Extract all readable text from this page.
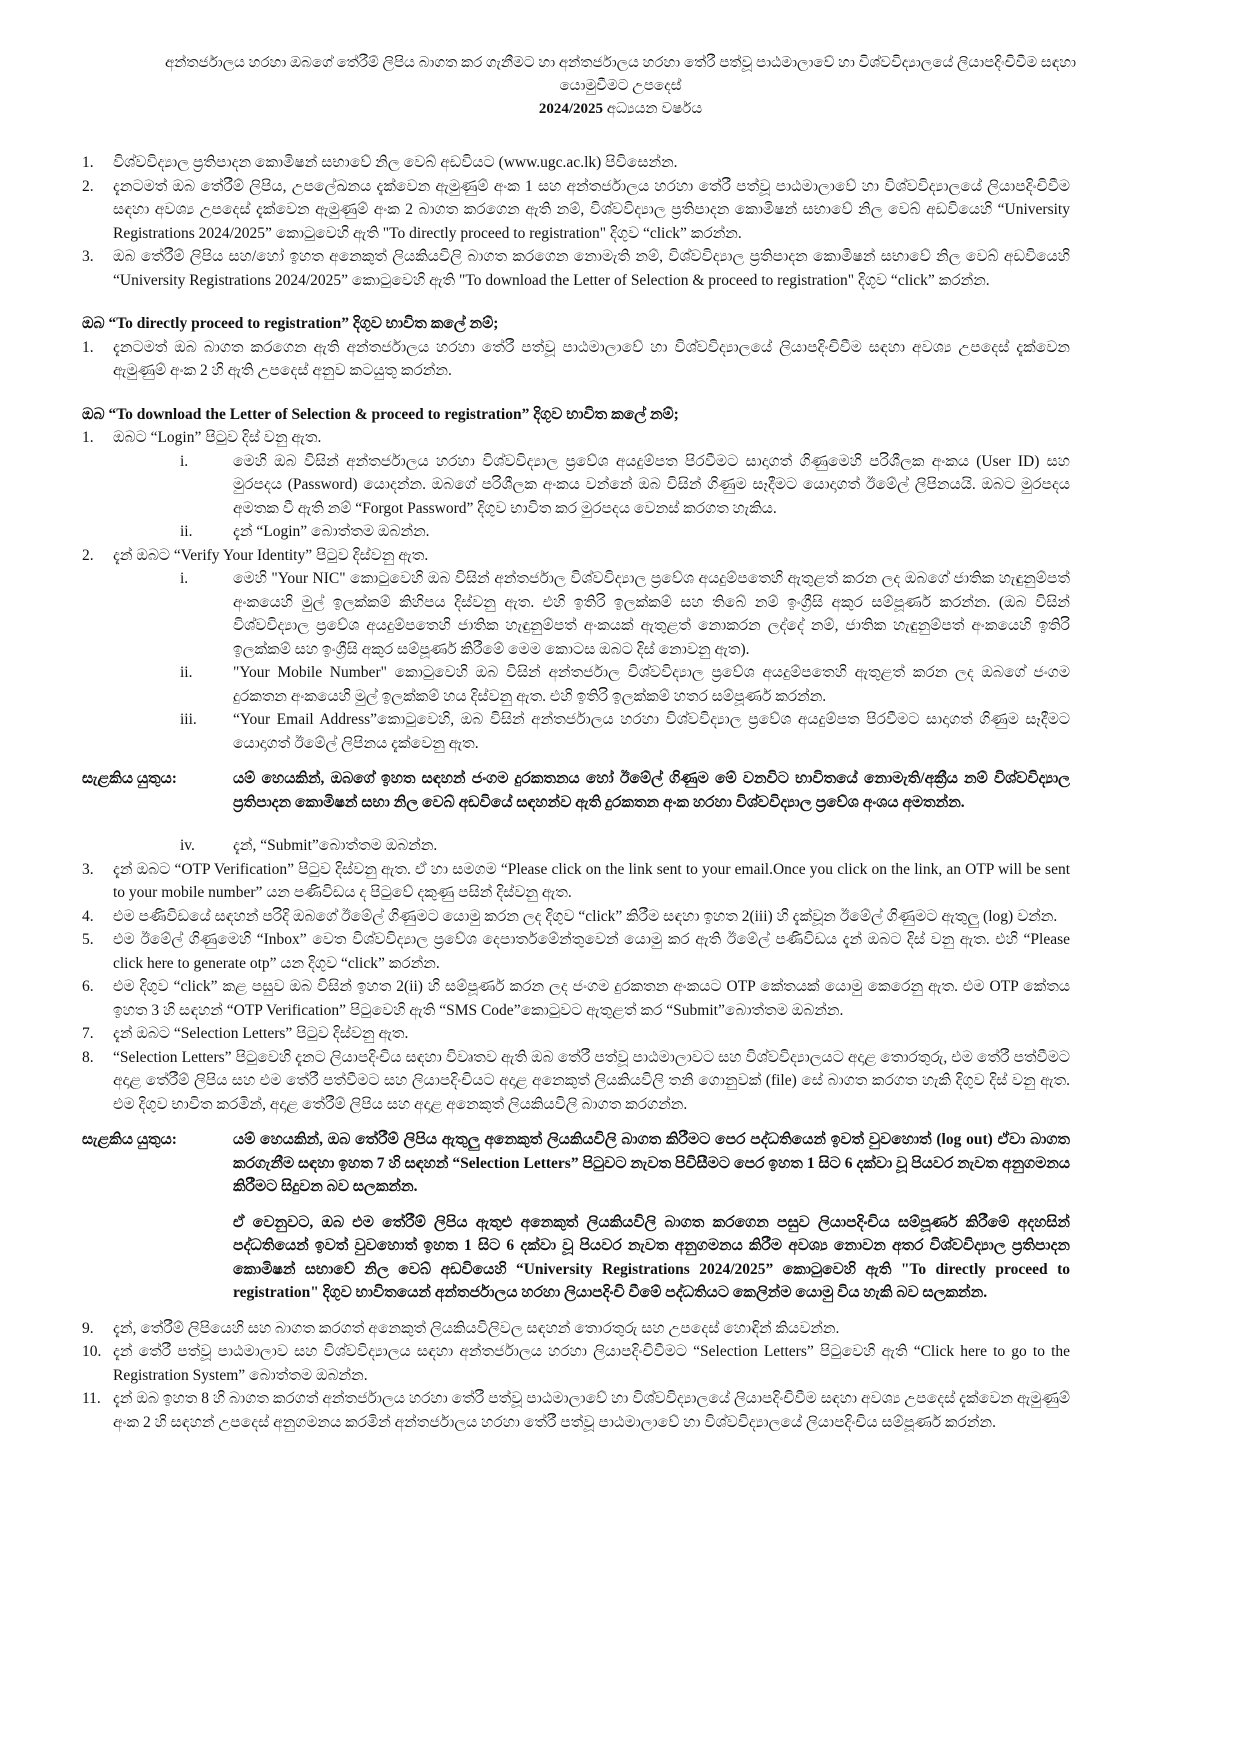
අන්තර්ජාලය හරහා ඔබගේ තේරීම් ලිපිය බාගත කර ගැනීමට හා අන්තර්ජාලය හරහා තේරී පත්වූ පාඨමාලාවේ හා විශ්වවිද්‍යාලයේ ලියාපදිංචිවීම සඳහා
යොමුවීමට උපදෙස්
2024/2025 අධ්‍යයන වර්ෂය
1. විශ්වවිද්‍යාල ප්‍රතිපාදන කොමිෂන් සභාවේ නිල වෙබ් අඩවියට (www.ugc.ac.lk) පිවිසෙන්න.
2. දැනටමත් ඔබ තේරීම් ලිපිය, උපලේඛනය දැක්වෙන ඇමුණුම් අංක 1 සහ අන්තර්ජාලය හරහා තේරී පත්වූ පාඨමාලාවේ හා විශ්වවිද්‍යාලයේ ලියාපදිංචිවීම සඳහා අවශ්‍ය උපදෙස් දැක්වෙන ඇමුණුම් අංක 2 බාගත කරගෙන ඇති නම්, විශ්වවිද්‍යාල ප්‍රතිපාදන කොමිෂන් සභාවේ නිල වෙබ් අඩවියෙහි “University Registrations 2024/2025” කොටුවෙහි ඇති "To directly proceed to registration" දිගුව “click” කරන්න.
3. ඔබ තේරීම් ලිපිය සහ/හෝ ඉහත අනෙකුත් ලියකියවිලි බාගත කරගෙන නොමැති නම්, විශ්වවිද්‍යාල ප්‍රතිපාදන කොමිෂන් සභාවේ නිල වෙබ් අඩවියෙහි “University Registrations 2024/2025” කොටුවෙහි ඇති "To download the Letter of Selection & proceed to registration" දිගුව “click” කරන්න.
ඔබ “To directly proceed to registration” දිගුව භාවිත කලේ නම්;
1. දැනටමත් ඔබ බාගත කරගෙන ඇති අන්තර්ජාලය හරහා තේරී පත්වූ පාඨමාලාවේ හා විශ්වවිද්‍යාලයේ ලියාපදිංචිවීම සඳහා අවශ්‍ය උපදෙස් දැක්වෙන ඇමුණුම් අංක 2 හි ඇති උපදෙස් අනුව කටයුතු කරන්න.
ඔබ “To download the Letter of Selection & proceed to registration” දිගුව භාවිත කලේ නම්;
1. ඔබට “Login” පිටුව දිස් වනු ඇත.
i.	මෙහි ඔබ විසින් අන්තර්ජාලය හරහා විශ්වවිද්‍යාල ප්‍රවේශ අයදුම්පත පිරවීමට සාදාගත් ගිණුමෙහි පරිශීලක අංකය (User ID) සහ මුරපදය (Password) යොදන්න. ඔබගේ පරිශීලක අංකය වන්නේ ඔබ විසින් ගිණුම සෑදීමට යොදාගත් ඊමේල් ලිපිනයයි. ඔබට මුරපදය අමතක වී ඇති නම් “Forgot Password” දිගුව භාවිත කර මුරපදය වෙනස් කරගත හැකිය.
ii.	දැන් “Login” බොත්තම ඔබන්න.
2. දැන් ඔබට “Verify Your Identity” පිටුව දිස්වනු ඇත.
i.	මෙහි "Your NIC" කොටුවෙහි ඔබ විසින් අන්තර්ජාල විශ්වවිද්‍යාල ප්‍රවේශ අයදුම්පතෙහි ඇතුළත් කරන ලද ඔබගේ ජාතික හැඳුනුම්පත් අංකයෙහි මුල් ඉලක්කම් කිහිපය දිස්වනු ඇත. එහි ඉතිරි ඉලක්කම් සහ තිබේ නම් ඉංග්‍රීසි අකුර සම්පූර්ණ කරන්න. (ඔබ විසින් විශ්වවිද්‍යාල ප්‍රවේශ අයදුම්පතෙහි ජාතික හැඳුනුම්පත් අංකයක් ඇතුළත් නොකරන ලද්දේ නම්, ජාතික හැඳුනුම්පත් අංකයෙහි ඉතිරි ඉලක්කම් සහ ඉංග්‍රීසි අකුර සම්පූර්ණ කිරීමේ මෙම කොටස ඔබට දිස් නොවනු ඇත).
ii.	"Your Mobile Number" කොටුවෙහි ඔබ විසින් අන්තර්ජාල විශ්වවිද්‍යාල ප්‍රවේශ අයදුම්පතෙහි ඇතුළත් කරන ලද ඔබගේ ජංගම දුරකතන අංකයෙහි මුල් ඉලක්කම් හය දිස්වනු ඇත. එහි ඉතිරි ඉලක්කම් හතර සම්පූර්ණ කරන්න.
iii.	“Your Email Address”කොටුවෙහි, ඔබ විසින් අන්තර්ජාලය හරහා විශ්වවිද්‍යාල ප්‍රවේශ අයදුම්පත පිරවීමට සාදාගත් ගිණුම සෑදීමට යොදාගත් ඊමේල් ලිපිනය දැක්වෙනු ඇත.
සැළකිය යුතුය:	යම් හෙයකින්, ඔබගේ ඉහත සඳහන් ජංගම දුරකතනය හෝ ඊමේල් ගිණුම මේ වනවිට භාවිතයේ නොමැති/අක්‍රීය නම් විශ්වවිද්‍යාල ප්‍රතිපාදන කොමිෂන් සභා නිල වෙබ් අඩවියේ සඳහන්ව ඇති දුරකතන අංක හරහා විශ්වවිද්‍යාල ප්‍රවේශ අංශය අමතන්න.
iv.	දැන්, “Submit”බොත්තම ඔබන්න.
3. දැන් ඔබට “OTP Verification” පිටුව දිස්වනු ඇත. ඒ හා සමගම “Please click on the link sent to your email.Once you click on the link, an OTP will be sent to your mobile number” යන පණිවිඩය ද පිටුවේ දකුණු පසින් දිස්වනු ඇත.
4. එම පණිවිඩයේ සඳහන් පරිදි ඔබගේ ඊමේල් ගිණුමට යොමු කරන ලද දිගුව “click” කිරීම සඳහා ඉහත 2(iii) හි දැක්වූන ඊමේල් ගිණුමට ඇතුලු (log) වන්න.
5. එම ඊමේල් ගිණුමෙහි “Inbox” වෙත විශ්වවිද්‍යාල ප්‍රවේශ දෙපාර්තමේන්තුවෙන් යොමු කර ඇති ඊමේල් පණිවිඩය දැන් ඔබට දිස් වනු ඇත. එහි “Please click here to generate otp” යන දිගුව “click” කරන්න.
6. එම දිගුව “click” කළ පසුව ඔබ විසින් ඉහත 2(ii) හි සම්පූර්ණ කරන ලද ජංගම දුරකතන අංකයට OTP කේතයක් යොමු කෙරෙනු ඇත. එම OTP කේතය ඉහත 3 හි සඳහන් “OTP Verification” පිටුවෙහි ඇති “SMS Code”කොටුවට ඇතුළත් කර “Submit”බොත්තම ඔබන්න.
7. දැන් ඔබට “Selection Letters” පිටුව දිස්වනු ඇත.
8. “Selection Letters” පිටුවෙහි දැනට ලියාපදිංචිය සඳහා විවෘතව ඇති ඔබ තේරී පත්වූ පාඨමාලාවට සහ විශ්වවිද්‍යාලයට අදාළ තොරතුරු, එම තේරී පත්වීමට අදාළ තේරීම් ලිපිය සහ එම තේරී පත්වීමට සහ ලියාපදිංචියට අදාළ අනෙකුත් ලියකියවිලි තනි ගොනුවක් (file) සේ බාගත කරගත හැකි දිගුව දිස් වනු ඇත. එම දිගුව භාවිත කරමින්, අදාළ තේරීම් ලිපිය සහ අදාළ අනෙකුත් ලියකියවිලි බාගත කරගන්න.
සැළකිය යුතුය:	යම් හෙයකින්, ඔබ තේරීම් ලිපිය ඇතුලු අනෙකුත් ලියකියවිලි බාගත කිරීමට පෙර පද්ධතියෙන් ඉවත් වුවහොත් (log out) ඒවා බාගත කරගැනීම සඳහා ඉහත 7 හි සඳහන් “Selection Letters” පිටුවට නැවත පිවිසීමට පෙර ඉහත 1 සිට 6 දක්වා වූ පියවර නැවත අනුගමනය කිරීමට සිදුවන බව සලකන්න.
ඒ වෙනුවට, ඔබ එම තේරීම් ලිපිය ඇතුළු අනෙකුත් ලියකියවිලි බාගත කරගෙන පසුව ලියාපදිංචිය සම්පූර්ණ කිරීමේ අදහසින් පද්ධතියෙන් ඉවත් වුවහොත් ඉහත 1 සිට 6 දක්වා වූ පියවර නැවත අනුගමනය කිරීම අවශ්‍ය නොවන අතර විශ්වවිද්‍යාල ප්‍රතිපාදන කොමිෂන් සභාවේ නිල වෙබ් අඩවියෙහි “University Registrations 2024/2025” කොටුවෙහි ඇති "To directly proceed to registration" දිගුව භාවිතයෙන් අන්තර්ජාලය හරහා ලියාපදිංචි වීමේ පද්ධතියට කෙලින්ම යොමු විය හැකි බව සලකන්න.
9. දැන්, තේරීම් ලිපියෙහි සහ බාගත කරගත් අනෙකුත් ලියකියවිලිවල සඳහන් තොරතුරු සහ උපදෙස් හොඳින් කියවන්න.
10. දැන් තේරී පත්වූ පාඨමාලාව සහ විශ්වවිද්‍යාලය සඳහා අන්තර්ජාලය හරහා ලියාපදිංචිවීමට “Selection Letters” පිටුවෙහි ඇති “Click here to go to the Registration System” බොත්තම ඔබන්න.
11. දැන් ඔබ ඉහත 8 හි බාගත කරගත් අන්තර්ජාලය හරහා තේරී පත්වූ පාඨමාලාවේ හා විශ්වවිද්‍යාලයේ ලියාපදිංචිවීම සඳහා අවශ්‍ය උපදෙස් දැක්වෙන ඇමුණුම් අංක 2 හි සඳහන් උපදෙස් අනුගමනය කරමින් අන්තර්ජාලය හරහා තේරී පත්වූ පාඨමාලාවේ හා විශ්වවිද්‍යාලයේ ලියාපදිංචිය සම්පූර්ණ කරන්න.
